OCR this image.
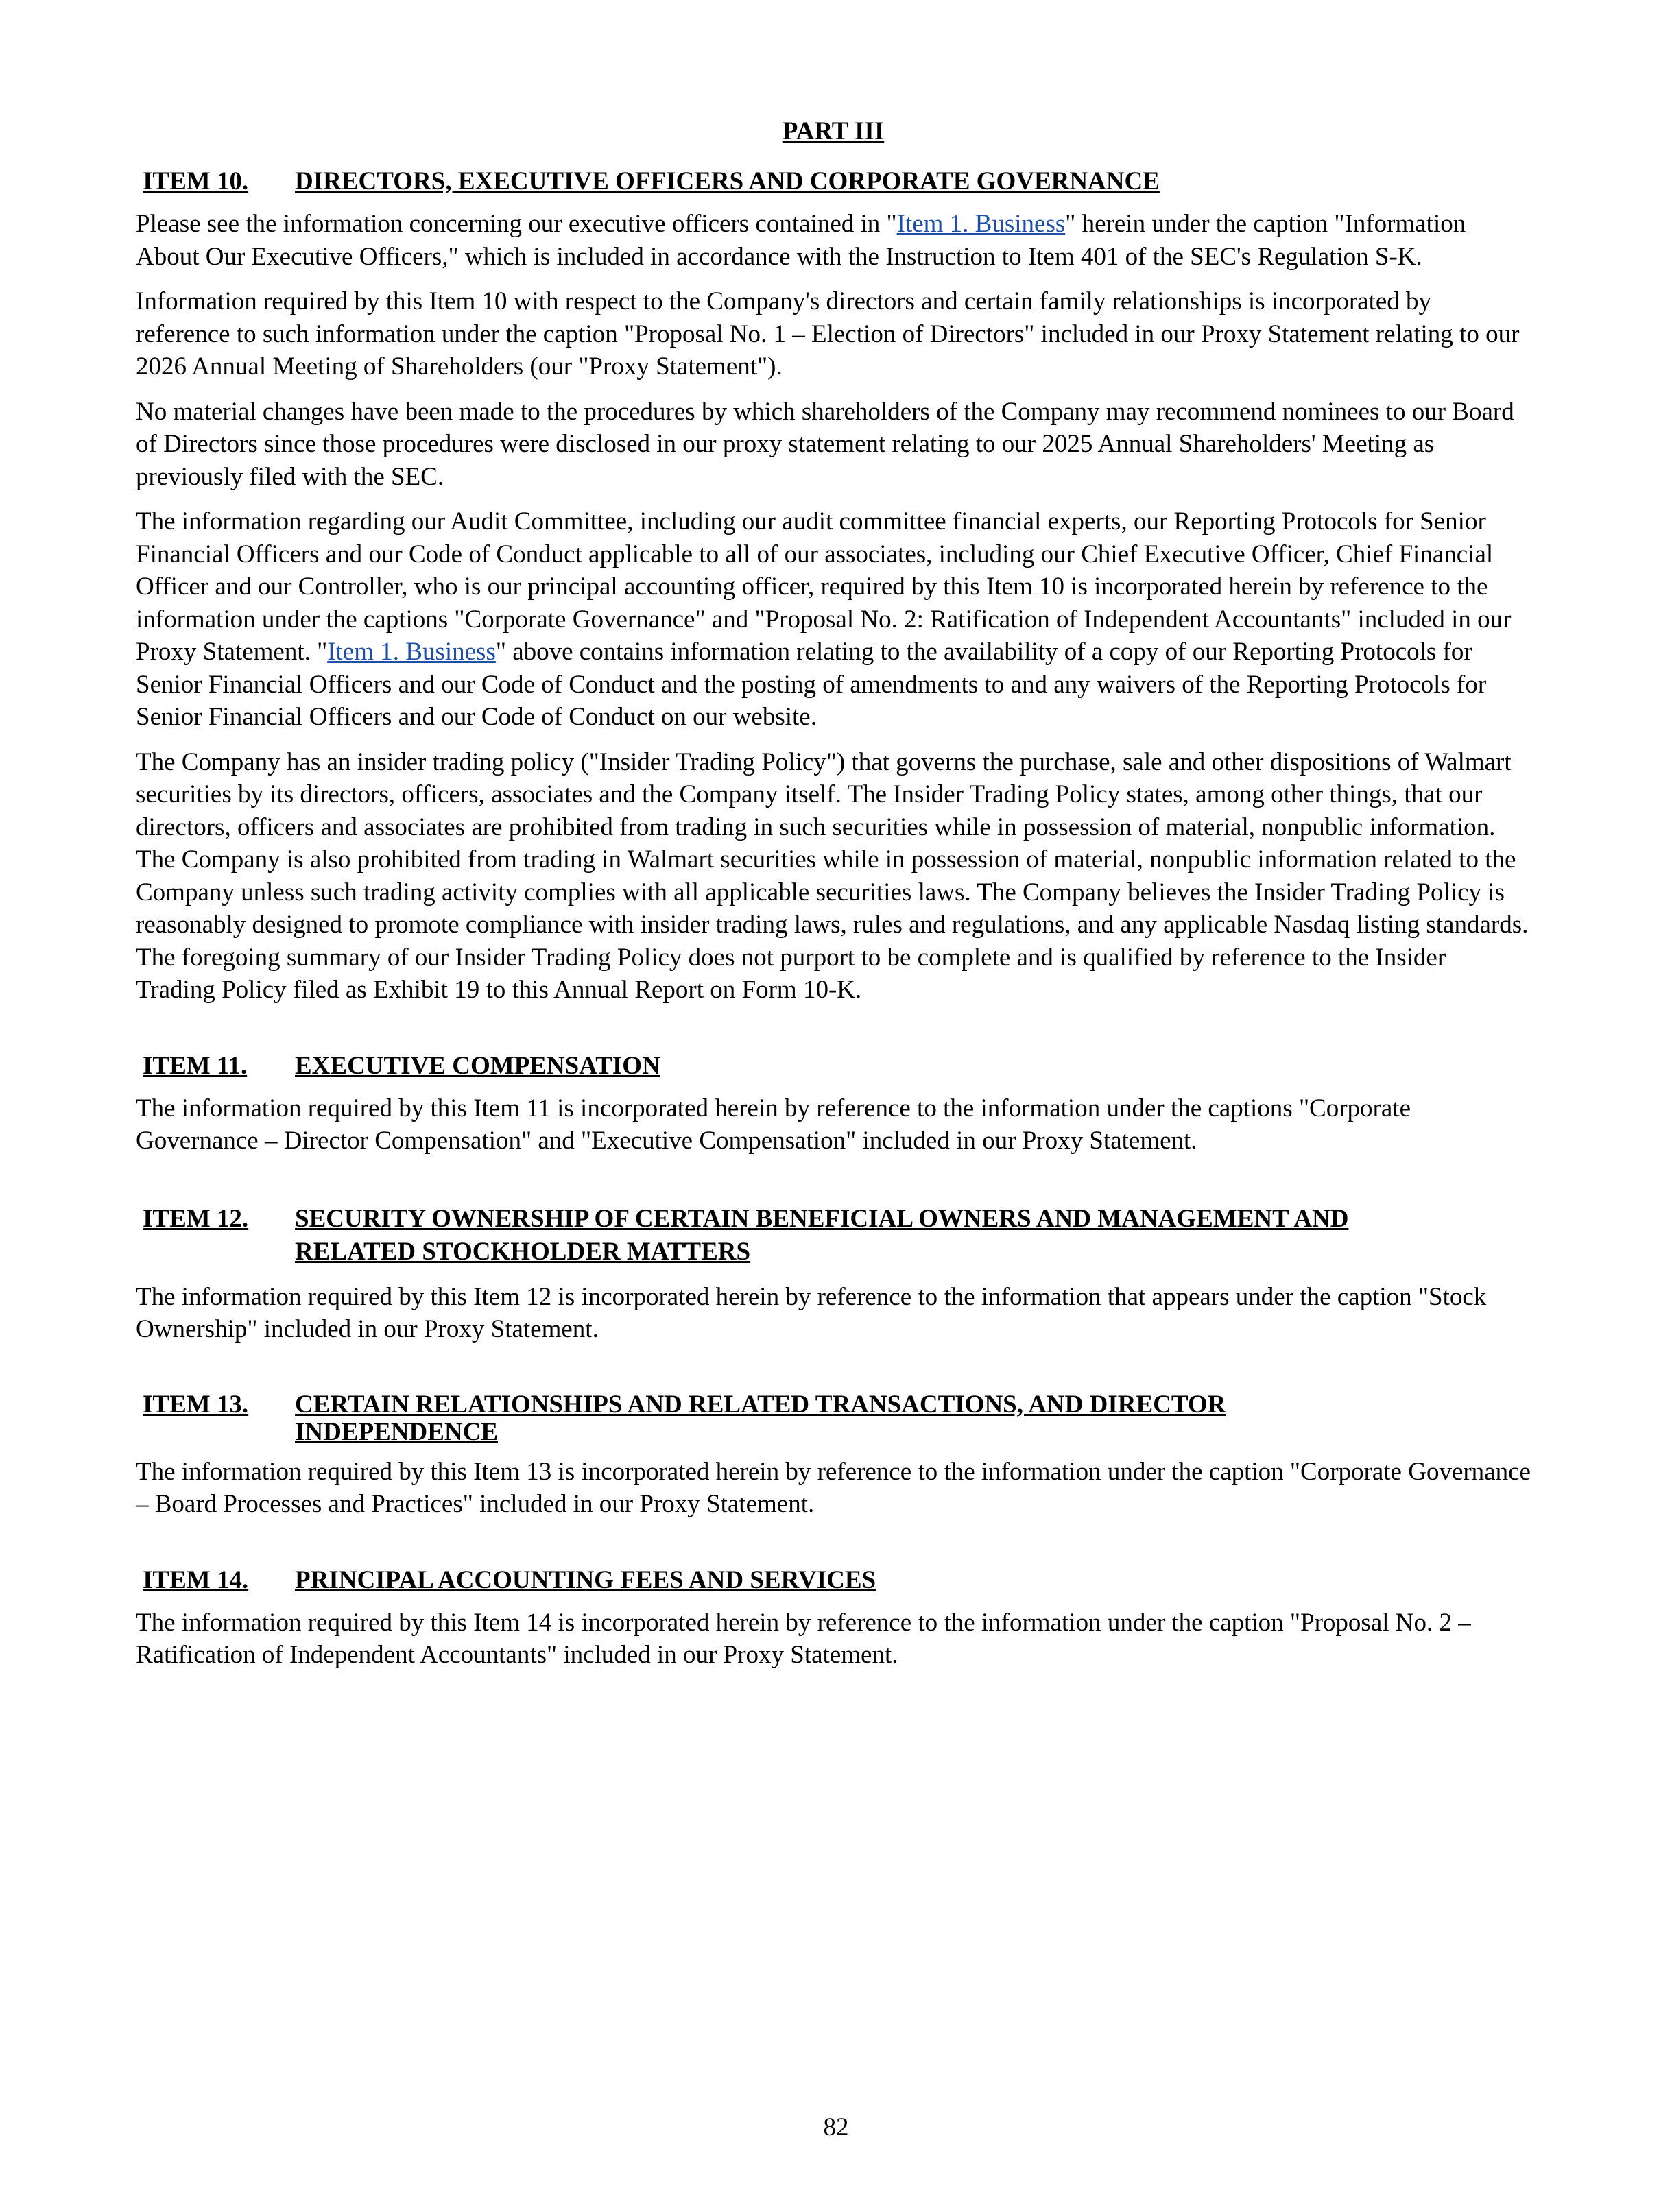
PART III
ITEM 10.	DIRECTORS, EXECUTIVE OFFICERS AND CORPORATE GOVERNANCE

Please see the information concerning our executive officers contained in "Item 1. Business" herein under the caption "Information About Our Executive Officers," which is included in accordance with the Instruction to Item 401 of the SEC's Regulation S-K.

Information required by this Item 10 with respect to the Company's directors and certain family relationships is incorporated by reference to such information under the caption "Proposal No. 1 – Election of Directors" included in our Proxy Statement relating to our 2026 Annual Meeting of Shareholders (our "Proxy Statement").

No material changes have been made to the procedures by which shareholders of the Company may recommend nominees to our Board of Directors since those procedures were disclosed in our proxy statement relating to our 2025 Annual Shareholders' Meeting as previously filed with the SEC.

The information regarding our Audit Committee, including our audit committee financial experts, our Reporting Protocols for Senior Financial Officers and our Code of Conduct applicable to all of our associates, including our Chief Executive Officer, Chief Financial Officer and our Controller, who is our principal accounting officer, required by this Item 10 is incorporated herein by reference to the information under the captions "Corporate Governance" and "Proposal No. 2: Ratification of Independent Accountants" included in our Proxy Statement. "Item 1. Business" above contains information relating to the availability of a copy of our Reporting Protocols for Senior Financial Officers and our Code of Conduct and the posting of amendments to and any waivers of the Reporting Protocols for Senior Financial Officers and our Code of Conduct on our website.

The Company has an insider trading policy ("Insider Trading Policy") that governs the purchase, sale and other dispositions of Walmart securities by its directors, officers, associates and the Company itself. The Insider Trading Policy states, among other things, that our directors, officers and associates are prohibited from trading in such securities while in possession of material, nonpublic information. The Company is also prohibited from trading in Walmart securities while in possession of material, nonpublic information related to the Company unless such trading activity complies with all applicable securities laws. The Company believes the Insider Trading Policy is reasonably designed to promote compliance with insider trading laws, rules and regulations, and any applicable Nasdaq listing standards. The foregoing summary of our Insider Trading Policy does not purport to be complete and is qualified by reference to the Insider Trading Policy filed as Exhibit 19 to this Annual Report on Form 10-K.

ITEM 11.	EXECUTIVE COMPENSATION

The information required by this Item 11 is incorporated herein by reference to the information under the captions "Corporate Governance – Director Compensation" and "Executive Compensation" included in our Proxy Statement.

ITEM 12.	SECURITY OWNERSHIP OF CERTAIN BENEFICIAL OWNERS AND MANAGEMENT AND RELATED STOCKHOLDER MATTERS

The information required by this Item 12 is incorporated herein by reference to the information that appears under the caption "Stock Ownership" included in our Proxy Statement.

ITEM 13.	CERTAIN RELATIONSHIPS AND RELATED TRANSACTIONS, AND DIRECTOR INDEPENDENCE

The information required by this Item 13 is incorporated herein by reference to the information under the caption "Corporate Governance – Board Processes and Practices" included in our Proxy Statement.

ITEM 14.	PRINCIPAL ACCOUNTING FEES AND SERVICES

The information required by this Item 14 is incorporated herein by reference to the information under the caption "Proposal No. 2 – Ratification of Independent Accountants" included in our Proxy Statement.

82
